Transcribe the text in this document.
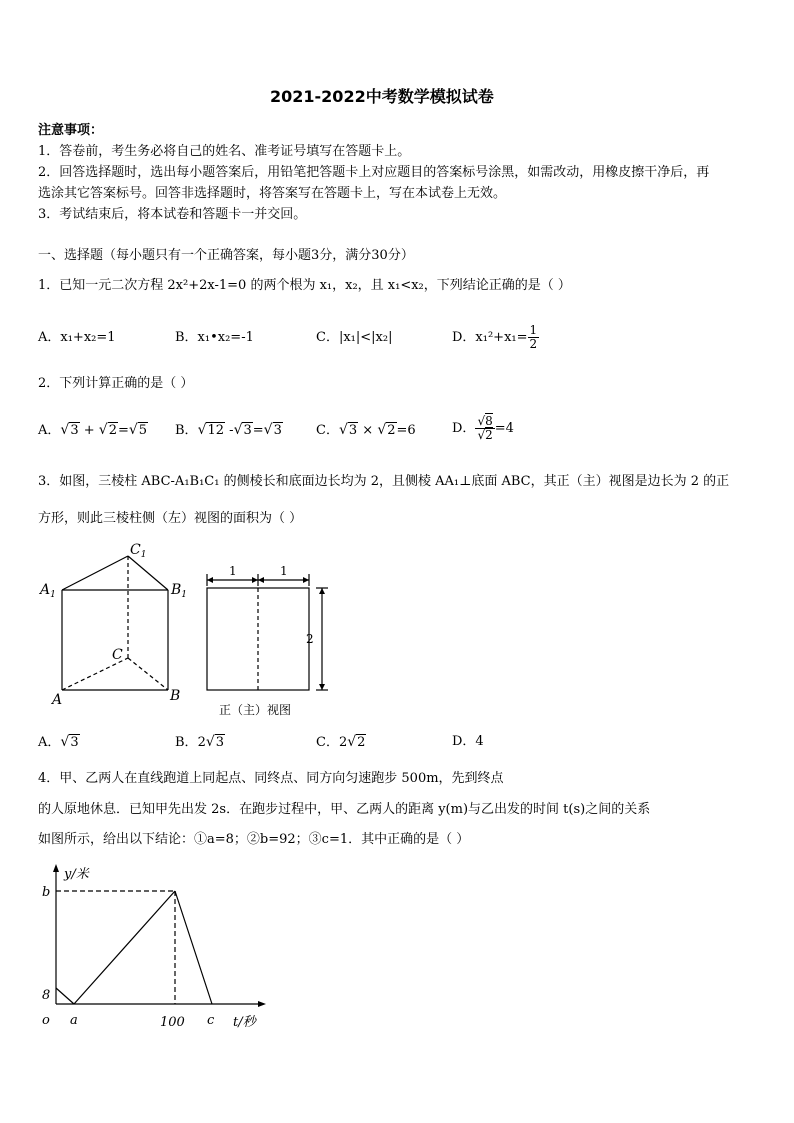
2021-2022中考数学模拟试卷
注意事项：
1．答卷前，考生务必将自己的姓名、准考证号填写在答题卡上。
2．回答选择题时，选出每小题答案后，用铅笔把答题卡上对应题目的答案标号涂黑，如需改动，用橡皮擦干净后，再
选涂其它答案标号。回答非选择题时，将答案写在答题卡上，写在本试卷上无效。
3．考试结束后，将本试卷和答题卡一并交回。
一、选择题（每小题只有一个正确答案，每小题3分，满分30分）
1．已知一元二次方程 2x²+2x-1=0 的两个根为 x₁，x₂，且 x₁<x₂，下列结论正确的是（ ）
A．x₁+x₂=1	B．x₁•x₂=-1	C．|x₁|<|x₂|	D．$x_1^2+x_1= \frac{1}{2}$
2．下列计算正确的是（ ）
A．√3 + √2=√5 B．√12 -√3=√3	C．√3 × √2=6	D． $\frac{√8}{√2} =4$
3．如图，三棱柱 ABC-A₁B₁C₁ 的侧棱长和底面边长均为 2，且侧棱 AA₁⊥底面 ABC，其正（主）视图是边长为 2 的正
方形，则此三棱柱侧（左）视图的面积为（ ）
$A_1$	$B_1$
$C_1$
A	B
C
1	1
2
正（主）视图
A．√3	B．2√3	C．2√2	D．4
4．甲、乙两人在直线跑道上同起点、同终点、同方向匀速跑步 500m，先到终点
的人原地休息．已知甲先出发 2s．在跑步过程中，甲、乙两人的距离 y(m)与乙出发的时间 t(s)之间的关系
如图所示，给出以下结论：①a=8；②b=92；③c=1．其中正确的是（ ）
y/米
b
8
o a	100 c t/秒
